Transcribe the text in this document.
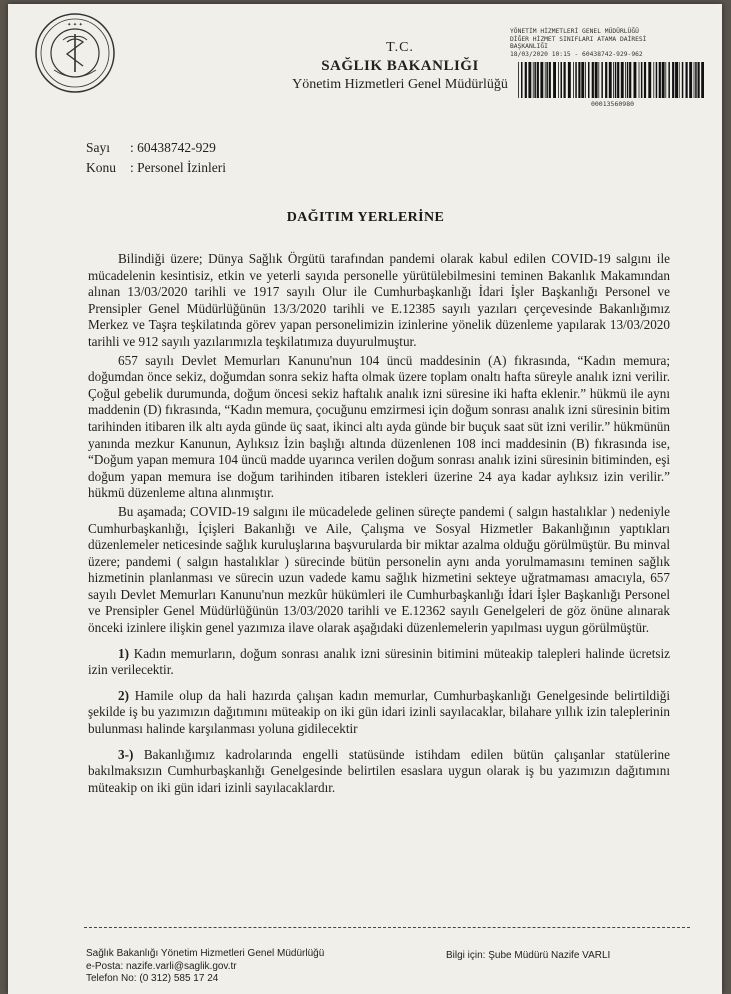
✦ ✦ ✦
YÖNETİM HİZMETLERİ GENEL MÜDÜRLÜĞÜ
DİĞER HİZMET SINIFLARI ATAMA DAİRESİ
BAŞKANLIĞI
18/03/2020 10:15 - 60438742-929-962
00013560980
T.C.
SAĞLIK BAKANLIĞI
Yönetim Hizmetleri Genel Müdürlüğü
Sayı : 60438742-929
Konu : Personel İzinleri
DAĞITIM YERLERİNE

Bilindiği üzere; Dünya Sağlık Örgütü tarafından pandemi olarak kabul edilen COVID-19 salgını ile mücadelenin kesintisiz, etkin ve yeterli sayıda personelle yürütülebilmesini teminen Bakanlık Makamından alınan 13/03/2020 tarihli ve 1917 sayılı Olur ile Cumhurbaşkanlığı İdari İşler Başkanlığı Personel ve Prensipler Genel Müdürlüğünün 13/3/2020 tarihli ve E.12385 sayılı yazıları çerçevesinde Bakanlığımız Merkez ve Taşra teşkilatında görev yapan personelimizin izinlerine yönelik düzenleme yapılarak 13/03/2020 tarihli ve 912 sayılı yazılarımızla teşkilatımıza duyurulmuştur.

657 sayılı Devlet Memurları Kanunu'nun 104 üncü maddesinin (A) fıkrasında, “Kadın memura; doğumdan önce sekiz, doğumdan sonra sekiz hafta olmak üzere toplam onaltı hafta süreyle analık izni verilir. Çoğul gebelik durumunda, doğum öncesi sekiz haftalık analık izni süresine iki hafta eklenir.” hükmü ile aynı maddenin (D) fıkrasında, “Kadın memura, çocuğunu emzirmesi için doğum sonrası analık izni süresinin bitim tarihinden itibaren ilk altı ayda günde üç saat, ikinci altı ayda günde bir buçuk saat süt izni verilir.” hükmünün yanında mezkur Kanunun, Aylıksız İzin başlığı altında düzenlenen 108 inci maddesinin (B) fıkrasında ise, “Doğum yapan memura 104 üncü madde uyarınca verilen doğum sonrası analık izini süresinin bitiminden, eşi doğum yapan memura ise doğum tarihinden itibaren istekleri üzerine 24 aya kadar aylıksız izin verilir.” hükmü düzenleme altına alınmıştır.

Bu aşamada; COVID-19 salgını ile mücadelede gelinen süreçte pandemi ( salgın hastalıklar ) nedeniyle Cumhurbaşkanlığı, İçişleri Bakanlığı ve Aile, Çalışma ve Sosyal Hizmetler Bakanlığının yaptıkları düzenlemeler neticesinde sağlık kuruluşlarına başvurularda bir miktar azalma olduğu görülmüştür. Bu minval üzere; pandemi ( salgın hastalıklar ) sürecinde bütün personelin aynı anda yorulmamasını teminen sağlık hizmetinin planlanması ve sürecin uzun vadede kamu sağlık hizmetini sekteye uğratmaması amacıyla, 657 sayılı Devlet Memurları Kanunu'nun mezkûr hükümleri ile Cumhurbaşkanlığı İdari İşler Başkanlığı Personel ve Prensipler Genel Müdürlüğünün 13/03/2020 tarihli ve E.12362 sayılı Genelgeleri de göz önüne alınarak önceki izinlere ilişkin genel yazımıza ilave olarak aşağıdaki düzenlemelerin yapılması uygun görülmüştür.

1) Kadın memurların, doğum sonrası analık izni süresinin bitimini müteakip talepleri halinde ücretsiz izin verilecektir.

2) Hamile olup da hali hazırda çalışan kadın memurlar, Cumhurbaşkanlığı Genelgesinde belirtildiği şekilde iş bu yazımızın dağıtımını müteakip on iki gün idari izinli sayılacaklar, bilahare yıllık izin taleplerinin bulunması halinde karşılanması yoluna gidilecektir

3-) Bakanlığımız kadrolarında engelli statüsünde istihdam edilen bütün çalışanlar statülerine bakılmaksızın Cumhurbaşkanlığı Genelgesinde belirtilen esaslara uygun olarak iş bu yazımızın dağıtımını müteakip on iki gün idari izinli sayılacaklardır.

Sağlık Bakanlığı Yönetim Hizmetleri Genel Müdürlüğü
e-Posta: nazife.varli@saglik.gov.tr
Telefon No: (0 312) 585 17 24
Bilgi için: Şube Müdürü Nazife VARLI
